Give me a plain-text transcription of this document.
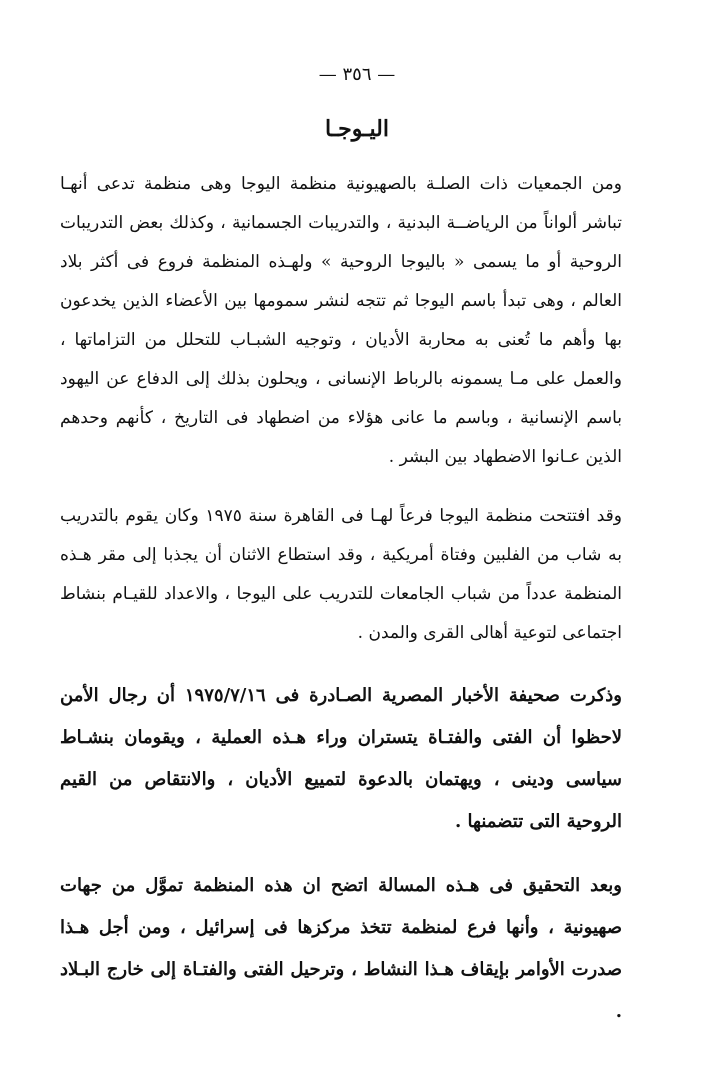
— ٣٥٦ —
اليـوجـا

ومن الجمعيات ذات الصلـة بالصهيونية منظمة اليوجا وهى منظمة تدعى أنهـا تباشر ألواناً من الرياضــة البدنية ، والتدريبات الجسمانية ، وكذلك بعض التدريبات الروحية أو ما يسمى « باليوجا الروحية » ولهـذه المنظمة فروع فى أكثر بلاد العالم ، وهى تبدأ باسم اليوجا ثم تتجه لنشر سمومها بين الأعضاء الذين يخدعون بها وأهم ما تُعنى به محاربة الأديان ، وتوجيه الشبـاب للتحلل من التزاماتها ، والعمل على مـا يسمونه بالرباط الإنسانى ، ويحلون بذلك إلى الدفاع عن اليهود باسم الإنسانية ، وباسم ما عانى هؤلاء من اضطهاد فى التاريخ ، كأنهم وحدهم الذين عـانوا الاضطهاد بين البشر .

وقد افتتحت منظمة اليوجا فرعاً لهـا فى القاهرة سنة ١٩٧٥ وكان يقوم بالتدريب به شاب من الفلبين وفتاة أمريكية ، وقد استطاع الاثنان أن يجذبا إلى مقر هـذه المنظمة عدداً من شباب الجامعات للتدريب على اليوجا ، والاعداد للقيـام بنشاط اجتماعى لتوعية أهالى القرى والمدن .

وذكرت صحيفة الأخبار المصرية الصـادرة فى ١٩٧٥/٧/١٦ أن رجال الأمن لاحظوا أن الفتى والفتـاة يتستران وراء هـذه العملية ، ويقومان بنشـاط سياسى ودينى ، ويهتمان بالدعوة لتمييع الأديان ، والانتقاص من القيم الروحية التى تتضمنها .

وبعد التحقيق فى هـذه المسالة اتضح ان هذه المنظمة تموَّل من جهات صهيونية ، وأنها فرع لمنظمة تتخذ مركزها فى إسرائيل ، ومن أجل هـذا صدرت الأوامر بإيقاف هـذا النشاط ، وترحيل الفتى والفتـاة إلى خارج البـلاد .
